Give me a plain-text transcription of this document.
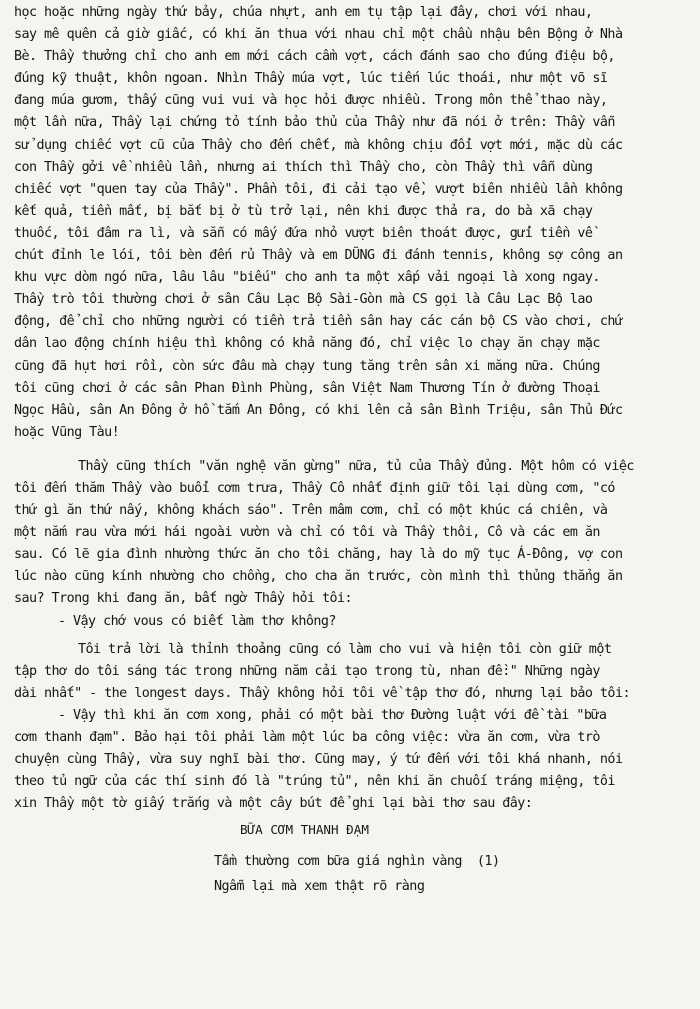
học hoặc những ngày thứ bảy, chúa nhựt, anh em tụ tập lại đây, chơi với nhau,
say mê quên cả giờ giấc, có khi ăn thua với nhau chỉ một chầu nhậu bên Bộng ở Nhà
Bè. Thầy thưởng chỉ cho anh em mới cách cầm vợt, cách đánh sao cho đúng điệu bộ,
đúng kỹ thuật, khôn ngoan. Nhìn Thầy múa vợt, lúc tiến lúc thoái, như một võ sĩ
đang múa gươm, thấy cũng vui vui và học hỏi được nhiều. Trong môn thể thao này,
một lần nữa, Thầy lại chứng tỏ tính bảo thủ của Thầy như đã nói ở trên: Thầy vẫn
sử dụng chiếc vợt cũ của Thầy cho đến chết, mà không chịu đổi vợt mới, mặc dù các
con Thầy gởi về nhiều lần, nhưng ai thích thì Thầy cho, còn Thầy thì vẫn dùng
chiếc vợt "quen tay của Thầy". Phần tôi, đi cải tạo về, vượt biên nhiều lần không
kết quả, tiền mất, bị bắt bị ở tù trở lại, nên khi được thả ra, do bà xã chạy
thuốc, tôi đâm ra lì, và sẵn có mấy đứa nhỏ vượt biên thoát được, gửi tiền về
chút đỉnh le lói, tôi bèn đến rủ Thầy và em DŨNG đi đánh tennis, không sợ công an
khu vực dòm ngó nữa, lâu lâu "biếu" cho anh ta một xấp vải ngoại là xong ngay.
Thầy trò tôi thường chơi ở sân Câu Lạc Bộ Sài-Gòn mà CS gọi là Câu Lạc Bộ lao
động, để chỉ cho những người có tiền trả tiền sân hay các cán bộ CS vào chơi, chứ
dân lao động chính hiệu thì không có khả năng đó, chỉ việc lo chạy ăn chạy mặc
cũng đã hụt hơi rồi, còn sức đâu mà chạy tung tăng trên sân xi măng nữa. Chúng
tôi cũng chơi ở các sân Phan Đình Phùng, sân Việt Nam Thương Tín ở đường Thoại
Ngọc Hầu, sân An Đông ở hồ tắm An Đông, có khi lên cả sân Bình Triệu, sân Thủ Đức
hoặc Vũng Tàu!
Thầy cũng thích "văn nghệ văn gừng" nữa, tủ của Thầy đủng. Một hôm có việc
tôi đến thăm Thầy vào buổi cơm trưa, Thầy Cô nhất định giữ tôi lại dùng cơm, "có
thứ gì ăn thứ nấy, không khách sáo". Trên mâm cơm, chỉ có một khúc cá chiên, và
một nắm rau vừa mới hái ngoài vườn và chỉ có tôi và Thầy thôi, Cô và các em ăn
sau. Có lẽ gia đình nhường thức ăn cho tôi chăng, hay là do mỹ tục Á-Đông, vợ con
lúc nào cũng kính nhường cho chồng, cho cha ăn trước, còn mình thì thủng thẳng ăn
sau? Trong khi đang ăn, bất ngờ Thầy hỏi tôi:
- Vậy chớ vous có biết làm thơ không?
Tôi trả lời là thỉnh thoảng cũng có làm cho vui và hiện tôi còn giữ một
tập thơ do tôi sáng tác trong những năm cải tạo trong tù, nhan đề:" Những ngày
dài nhất" - the longest days. Thầy không hỏi tôi về tập thơ đó, nhưng lại bảo tôi:
- Vậy thì khi ăn cơm xong, phải có một bài thơ Đường luật với đề tài "bữa
cơm thanh đạm". Bảo hại tôi phải làm một lúc ba công việc: vừa ăn cơm, vừa trò
chuyện cùng Thầy, vừa suy nghĩ bài thơ. Cũng may, ý tứ đến với tôi khá nhanh, nói
theo tủ ngữ của các thí sinh đó là "trúng tủ", nên khi ăn chuối tráng miệng, tôi
xin Thầy một tờ giấy trắng và một cây bút để ghi lại bài thơ sau đây:
BỮA CƠM THANH ĐẠM
Tầm thường cơm bữa giá nghìn vàng  (1)
Ngẫm lại mà xem thật rõ ràng
